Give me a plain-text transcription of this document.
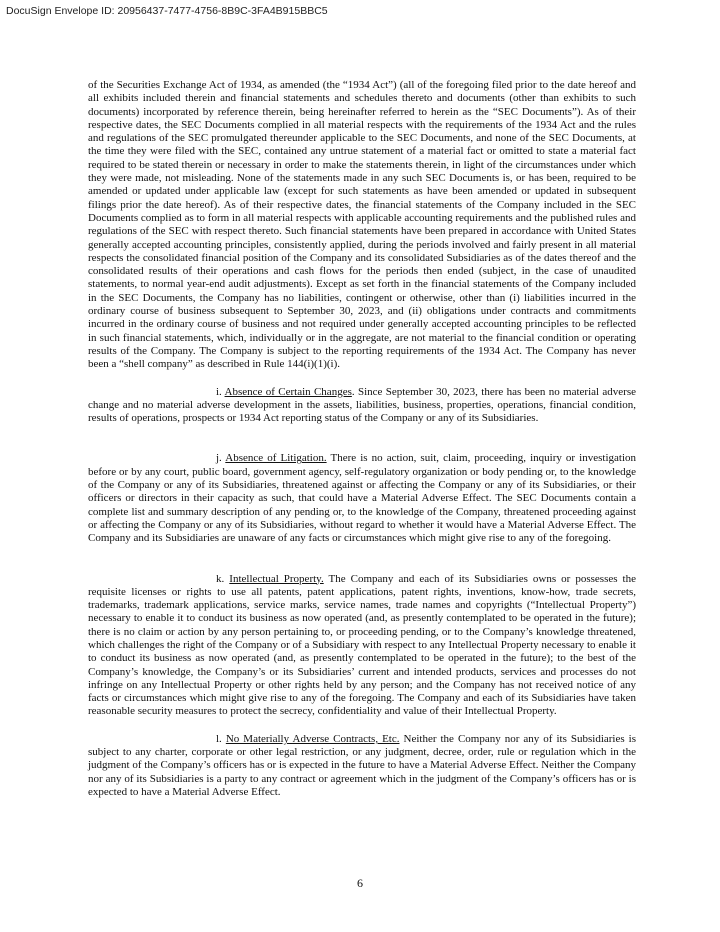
DocuSign Envelope ID: 20956437-7477-4756-8B9C-3FA4B915BBC5

of the Securities Exchange Act of 1934, as amended (the “1934 Act”) (all of the foregoing filed prior to the date hereof and all exhibits included therein and financial statements and schedules thereto and documents (other than exhibits to such documents) incorporated by reference therein, being hereinafter referred to herein as the “SEC Documents”). As of their respective dates, the SEC Documents complied in all material respects with the requirements of the 1934 Act and the rules and regulations of the SEC promulgated thereunder applicable to the SEC Documents, and none of the SEC Documents, at the time they were filed with the SEC, contained any untrue statement of a material fact or omitted to state a material fact required to be stated therein or necessary in order to make the statements therein, in light of the circumstances under which they were made, not misleading. None of the statements made in any such SEC Documents is, or has been, required to be amended or updated under applicable law (except for such statements as have been amended or updated in subsequent filings prior the date hereof). As of their respective dates, the financial statements of the Company included in the SEC Documents complied as to form in all material respects with applicable accounting requirements and the published rules and regulations of the SEC with respect thereto. Such financial statements have been prepared in accordance with United States generally accepted accounting principles, consistently applied, during the periods involved and fairly present in all material respects the consolidated financial position of the Company and its consolidated Subsidiaries as of the dates thereof and the consolidated results of their operations and cash flows for the periods then ended (subject, in the case of unaudited statements, to normal year-end audit adjustments). Except as set forth in the financial statements of the Company included in the SEC Documents, the Company has no liabilities, contingent or otherwise, other than (i) liabilities incurred in the ordinary course of business subsequent to September 30, 2023, and (ii) obligations under contracts and commitments incurred in the ordinary course of business and not required under generally accepted accounting principles to be reflected in such financial statements, which, individually or in the aggregate, are not material to the financial condition or operating results of the Company. The Company is subject to the reporting requirements of the 1934 Act. The Company has never been a “shell company” as described in Rule 144(i)(1)(i).

i. Absence of Certain Changes. Since September 30, 2023, there has been no material adverse change and no material adverse development in the assets, liabilities, business, properties, operations, financial condition, results of operations, prospects or 1934 Act reporting status of the Company or any of its Subsidiaries.

j. Absence of Litigation. There is no action, suit, claim, proceeding, inquiry or investigation before or by any court, public board, government agency, self-regulatory organization or body pending or, to the knowledge of the Company or any of its Subsidiaries, threatened against or affecting the Company or any of its Subsidiaries, or their officers or directors in their capacity as such, that could have a Material Adverse Effect. The SEC Documents contain a complete list and summary description of any pending or, to the knowledge of the Company, threatened proceeding against or affecting the Company or any of its Subsidiaries, without regard to whether it would have a Material Adverse Effect. The Company and its Subsidiaries are unaware of any facts or circumstances which might give rise to any of the foregoing.

k. Intellectual Property. The Company and each of its Subsidiaries owns or possesses the requisite licenses or rights to use all patents, patent applications, patent rights, inventions, know-how, trade secrets, trademarks, trademark applications, service marks, service names, trade names and copyrights (“Intellectual Property”) necessary to enable it to conduct its business as now operated (and, as presently contemplated to be operated in the future); there is no claim or action by any person pertaining to, or proceeding pending, or to the Company’s knowledge threatened, which challenges the right of the Company or of a Subsidiary with respect to any Intellectual Property necessary to enable it to conduct its business as now operated (and, as presently contemplated to be operated in the future); to the best of the Company’s knowledge, the Company’s or its Subsidiaries’ current and intended products, services and processes do not infringe on any Intellectual Property or other rights held by any person; and the Company has not received notice of any facts or circumstances which might give rise to any of the foregoing. The Company and each of its Subsidiaries have taken reasonable security measures to protect the secrecy, confidentiality and value of their Intellectual Property.

l. No Materially Adverse Contracts, Etc. Neither the Company nor any of its Subsidiaries is subject to any charter, corporate or other legal restriction, or any judgment, decree, order, rule or regulation which in the judgment of the Company’s officers has or is expected in the future to have a Material Adverse Effect. Neither the Company nor any of its Subsidiaries is a party to any contract or agreement which in the judgment of the Company’s officers has or is expected to have a Material Adverse Effect.

6
